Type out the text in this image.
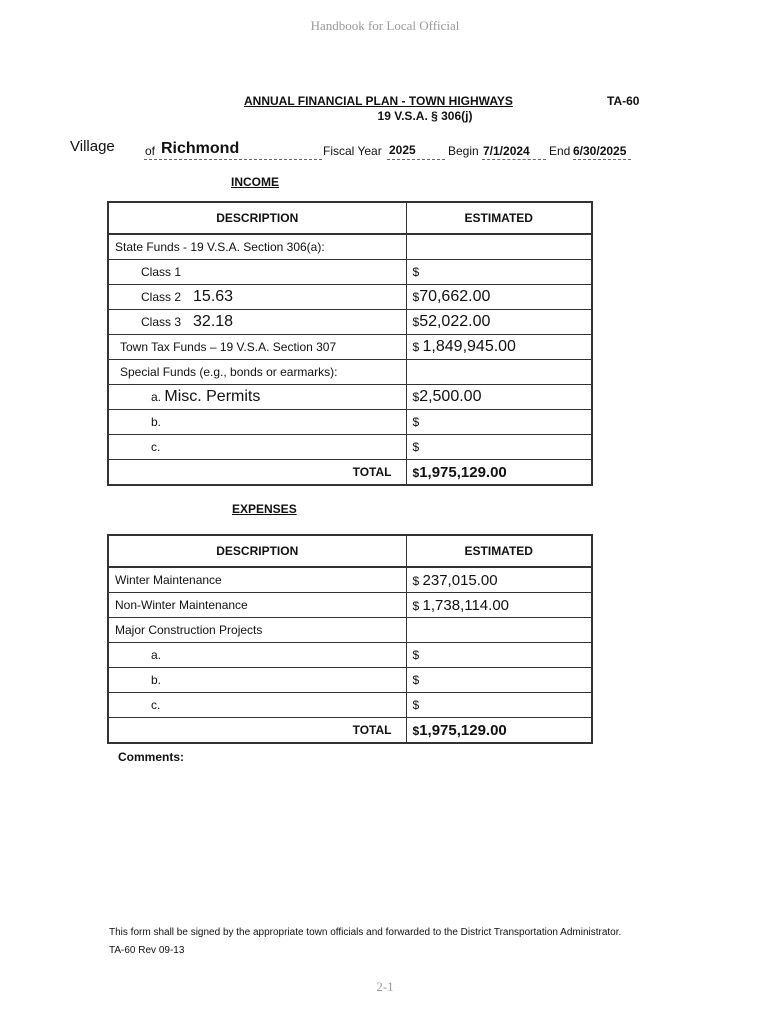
Handbook for Local Official
ANNUAL FINANCIAL PLAN - TOWN HIGHWAYS	TA-60
19 V.S.A. § 306(j)
Village	of Richmond	Fiscal Year 2025	Begin 7/1/2024 End 6/30/2025
INCOME
DESCRIPTION	ESTIMATED
State Funds - 19 V.S.A. Section 306(a):	
Class 1	$
Class 2 15.63	$70,662.00
Class 3 32.18	$52,022.00
Town Tax Funds – 19 V.S.A. Section 307	$ 1,849,945.00
Special Funds (e.g., bonds or earmarks):	
a. Misc. Permits	$2,500.00
b.	$
c.	$
TOTAL	$1,975,129.00
EXPENSES
DESCRIPTION	ESTIMATED
Winter Maintenance	$ 237,015.00
Non-Winter Maintenance	$ 1,738,114.00
Major Construction Projects	
a.	$
b.	$
c.	$
TOTAL	$1,975,129.00
Comments:
This form shall be signed by the appropriate town officials and forwarded to the District Transportation Administrator.
TA-60 Rev 09-13
2-1
